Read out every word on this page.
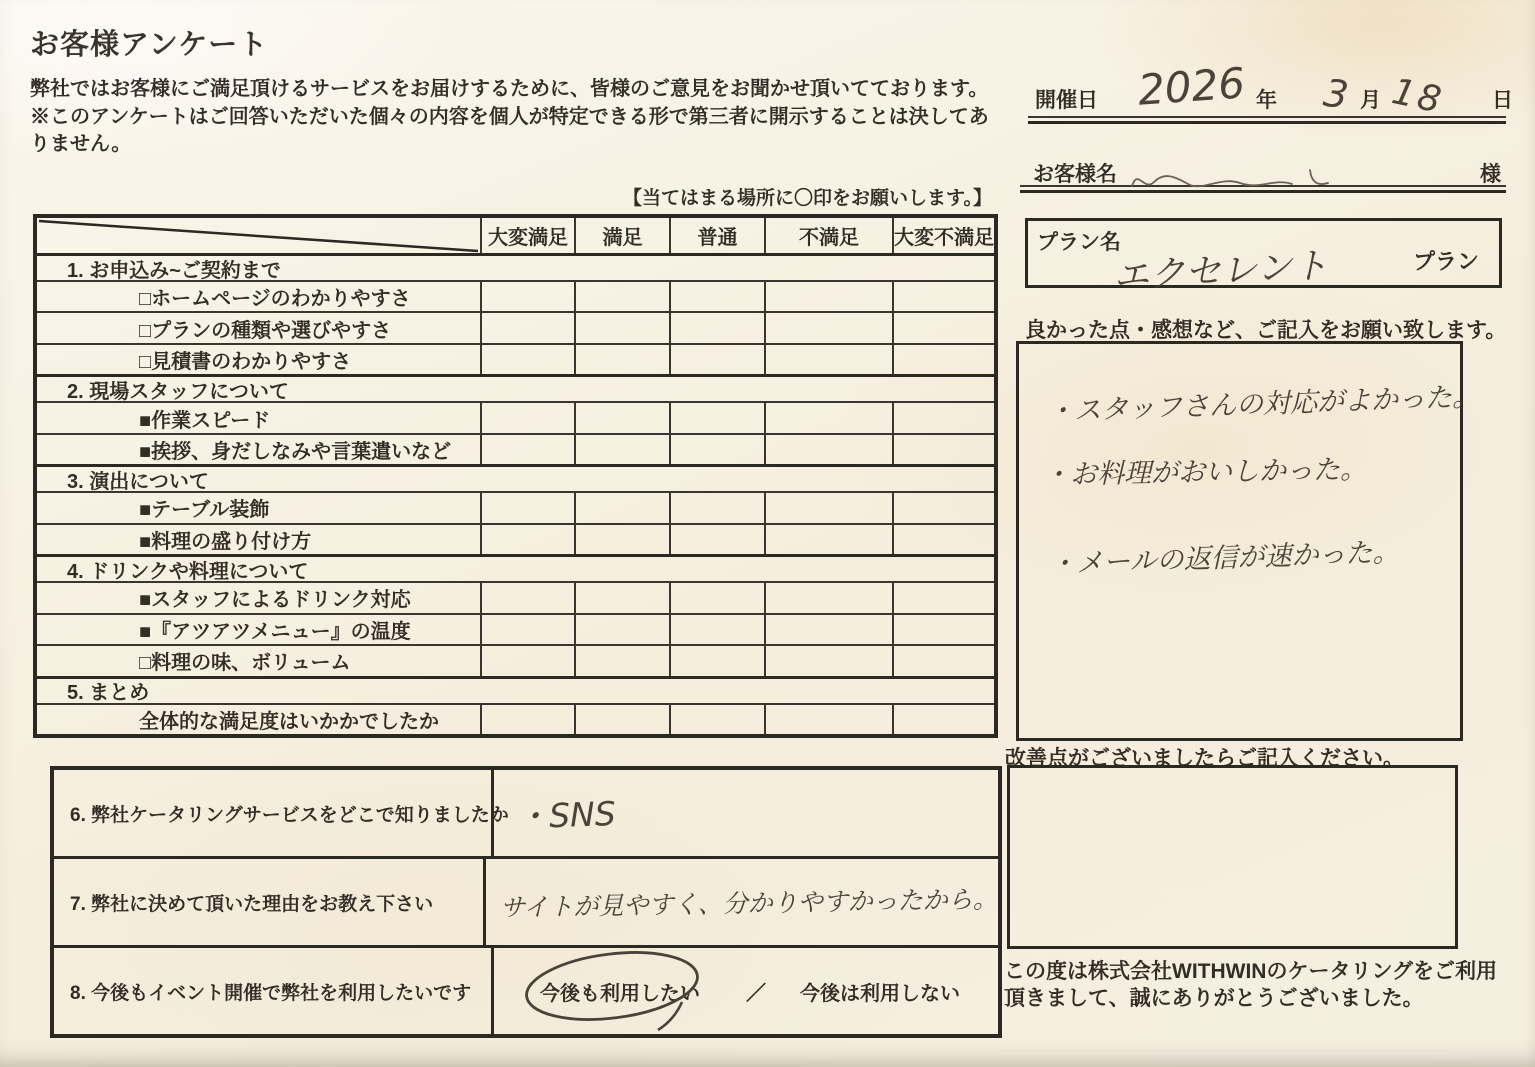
お客様アンケート
弊社ではお客様にご満足頂けるサービスをお届けするために、皆様のご意見をお聞かせ頂いてております。※このアンケートはご回答いただいた個々の内容を個人が特定できる形で第三者に開示することは決してありません。
【当てはまる場所に〇印をお願いします。】
大変満足	満足	普通	不満足	大変不満足
1. お申込み~ご契約まで
□ホームページのわかりやすさ
□プランの種類や選びやすさ
□見積書のわかりやすさ
2. 現場スタッフについて
■作業スピード
■挨拶、身だしなみや言葉遣いなど
3. 演出について
■テーブル装飾
■料理の盛り付け方
4. ドリンクや料理について
■スタッフによるドリンク対応
■『アツアツメニュー』の温度
□料理の味、ボリューム
5. まとめ
全体的な満足度はいかかでしたか
6. 弊社ケータリングサービスをどこで知りましたか ・SNS
7. 弊社に決めて頂いた理由をお教え下さい	サイトが見やすく、分かりやすかったから。
8. 今後もイベント開催で弊社を利用したいです	今後も利用したい	／ 今後は利用しない
開催日 2026 年 3 月 18 日
お客様名	様
プラン名
プラン
エクセレント
良かった点・感想など、ご記入をお願い致します。
・スタッフさんの対応がよかった。
・お料理がおいしかった。
・メールの返信が速かった。
改善点がございましたらご記入ください。
この度は株式会社WITHWINのケータリングをご利用頂きまして、誠にありがとうございました。
